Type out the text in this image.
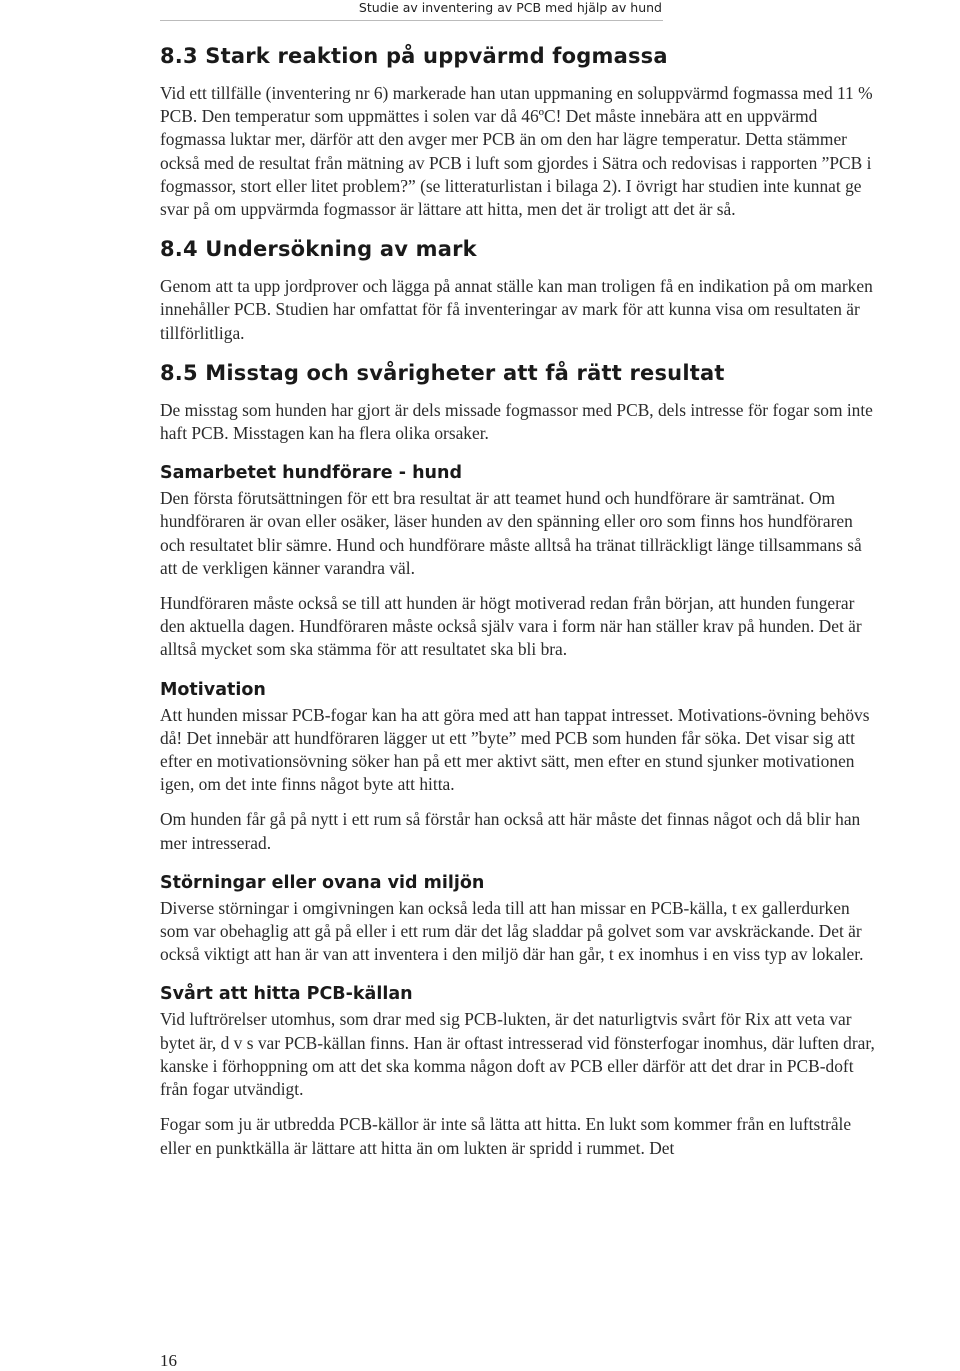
Studie av inventering av PCB med hjälp av hund
8.3 Stark reaktion på uppvärmd fogmassa

Vid ett tillfälle (inventering nr 6) markerade han utan uppmaning en soluppvärmd fogmassa med 11 % PCB. Den temperatur som uppmättes i solen var då 46ºC! Det måste innebära att en uppvärmd fogmassa luktar mer, därför att den avger mer PCB än om den har lägre temperatur. Detta stämmer också med de resultat från mätning av PCB i luft som gjordes i Sätra och redovisas i rapporten ”PCB i fogmassor, stort eller litet problem?” (se litteraturlistan i bilaga 2). I övrigt har studien inte kunnat ge svar på om uppvärmda fogmassor är lättare att hitta, men det är troligt att det är så.

8.4 Undersökning av mark

Genom att ta upp jordprover och lägga på annat ställe kan man troligen få en indikation på om marken innehåller PCB. Studien har omfattat för få inventeringar av mark för att kunna visa om resultaten är tillförlitliga.

8.5 Misstag och svårigheter att få rätt resultat

De misstag som hunden har gjort är dels missade fogmassor med PCB, dels intresse för fogar som inte haft PCB. Misstagen kan ha flera olika orsaker.

Samarbetet hundförare - hund

Den första förutsättningen för ett bra resultat är att teamet hund och hundförare är samtränat. Om hundföraren är ovan eller osäker, läser hunden av den spänning eller oro som finns hos hundföraren och resultatet blir sämre. Hund och hundförare måste alltså ha tränat tillräckligt länge tillsammans så att de verkligen känner varandra väl.

Hundföraren måste också se till att hunden är högt motiverad redan från början, att hunden fungerar den aktuella dagen. Hundföraren måste också själv vara i form när han ställer krav på hunden. Det är alltså mycket som ska stämma för att resultatet ska bli bra.

Motivation

Att hunden missar PCB-fogar kan ha att göra med att han tappat intresset. Motivations-övning behövs då! Det innebär att hundföraren lägger ut ett ”byte” med PCB som hunden får söka. Det visar sig att efter en motivationsövning söker han på ett mer aktivt sätt, men efter en stund sjunker motivationen igen, om det inte finns något byte att hitta.

Om hunden får gå på nytt i ett rum så förstår han också att här måste det finnas något och då blir han mer intresserad.

Störningar eller ovana vid miljön

Diverse störningar i omgivningen kan också leda till att han missar en PCB-källa, t ex gallerdurken som var obehaglig att gå på eller i ett rum där det låg sladdar på golvet som var avskräckande. Det är också viktigt att han är van att inventera i den miljö där han går, t ex inomhus i en viss typ av lokaler.

Svårt att hitta PCB-källan

Vid luftrörelser utomhus, som drar med sig PCB-lukten, är det naturligtvis svårt för Rix att veta var bytet är, d v s var PCB-källan finns. Han är oftast intresserad vid fönsterfogar inomhus, där luften drar, kanske i förhoppning om att det ska komma någon doft av PCB eller därför att det drar in PCB-doft från fogar utvändigt.

Fogar som ju är utbredda PCB-källor är inte så lätta att hitta. En lukt som kommer från en luftstråle eller en punktkälla är lättare att hitta än om lukten är spridd i rummet. Det

16
